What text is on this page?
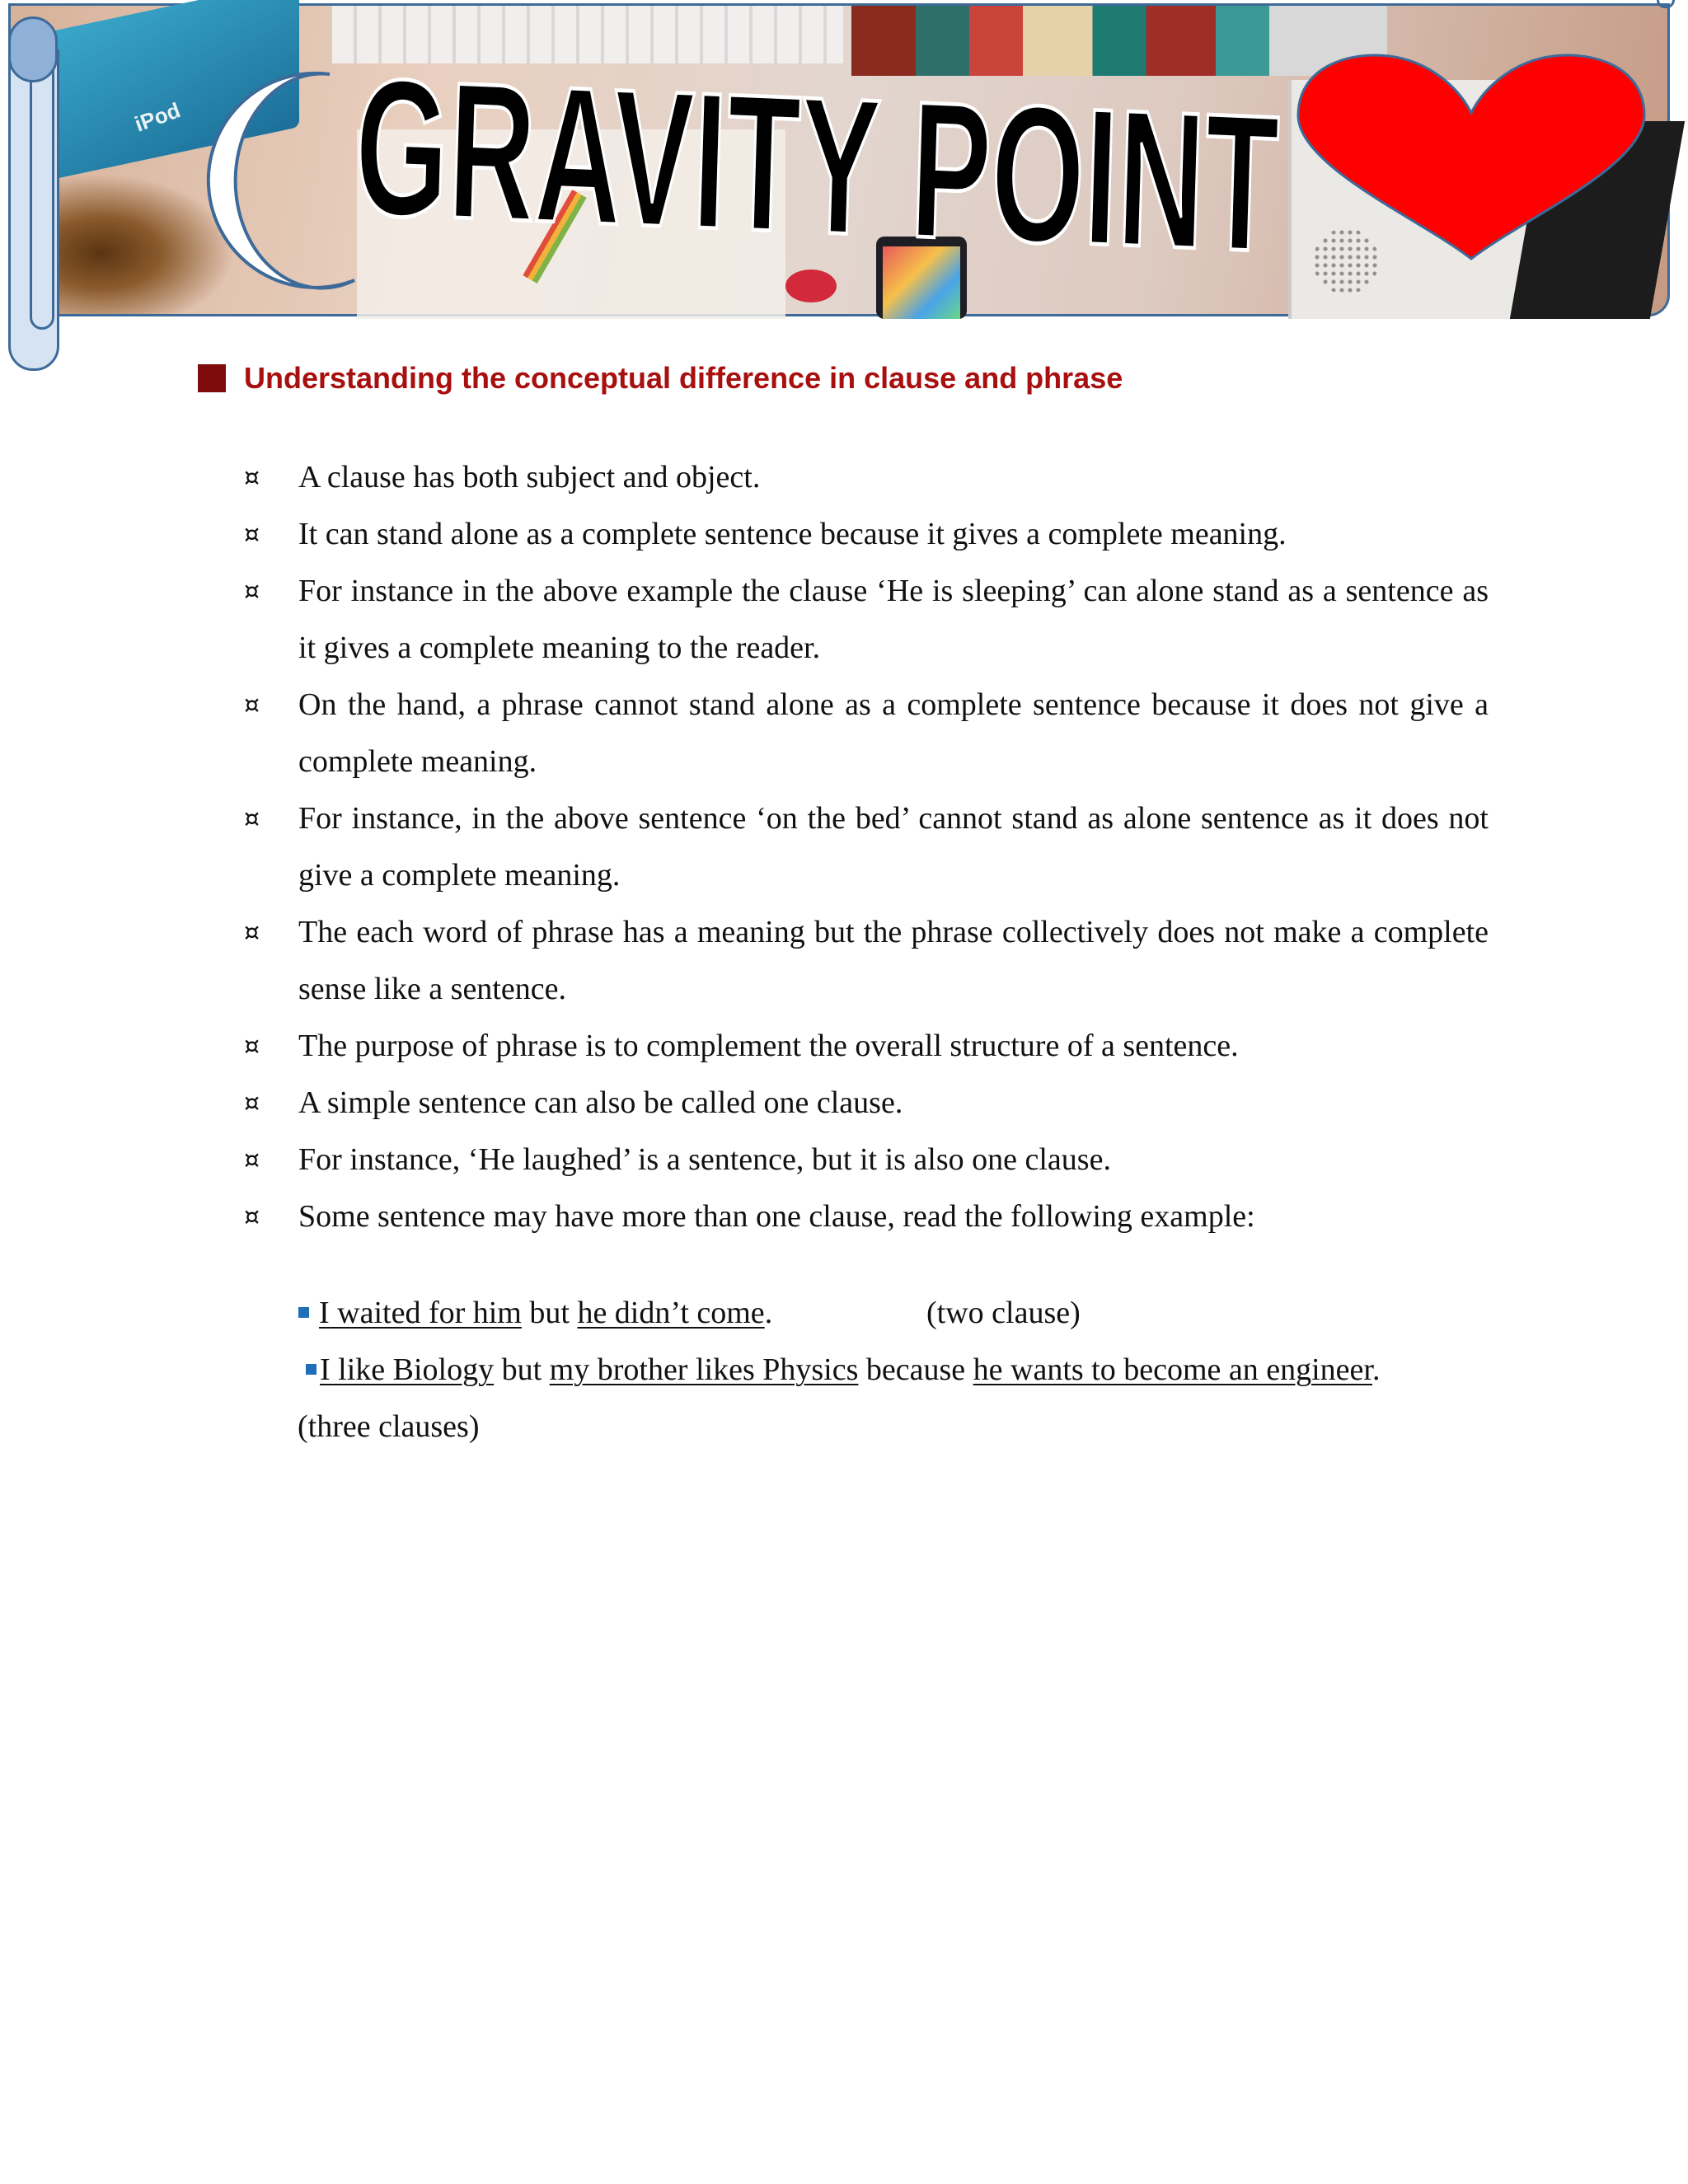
iPod GRAVITY POINT
Understanding the conceptual difference in clause and phrase
¤ A clause has both subject and object.
¤ It can stand alone as a complete sentence because it gives a complete meaning.
¤ For instance in the above example the clause ‘He is sleeping’ can alone stand as a sentence as it gives a complete meaning to the reader.
¤ On the hand, a phrase cannot stand alone as a complete sentence because it does not give a complete meaning.
¤ For instance, in the above sentence ‘on the bed’ cannot stand as alone sentence as it does not give a complete meaning.
¤ The each word of phrase has a meaning but the phrase collectively does not make a complete sense like a sentence.
¤ The purpose of phrase is to complement the overall structure of a sentence.
¤ A simple sentence can also be called one clause.
¤ For instance, ‘He laughed’ is a sentence, but it is also one clause.
¤ Some sentence may have more than one clause, read the following example:
I waited for him but he didn’t come.	(two clause)
I like Biology but my brother likes Physics because he wants to become an engineer.
(three clauses)
